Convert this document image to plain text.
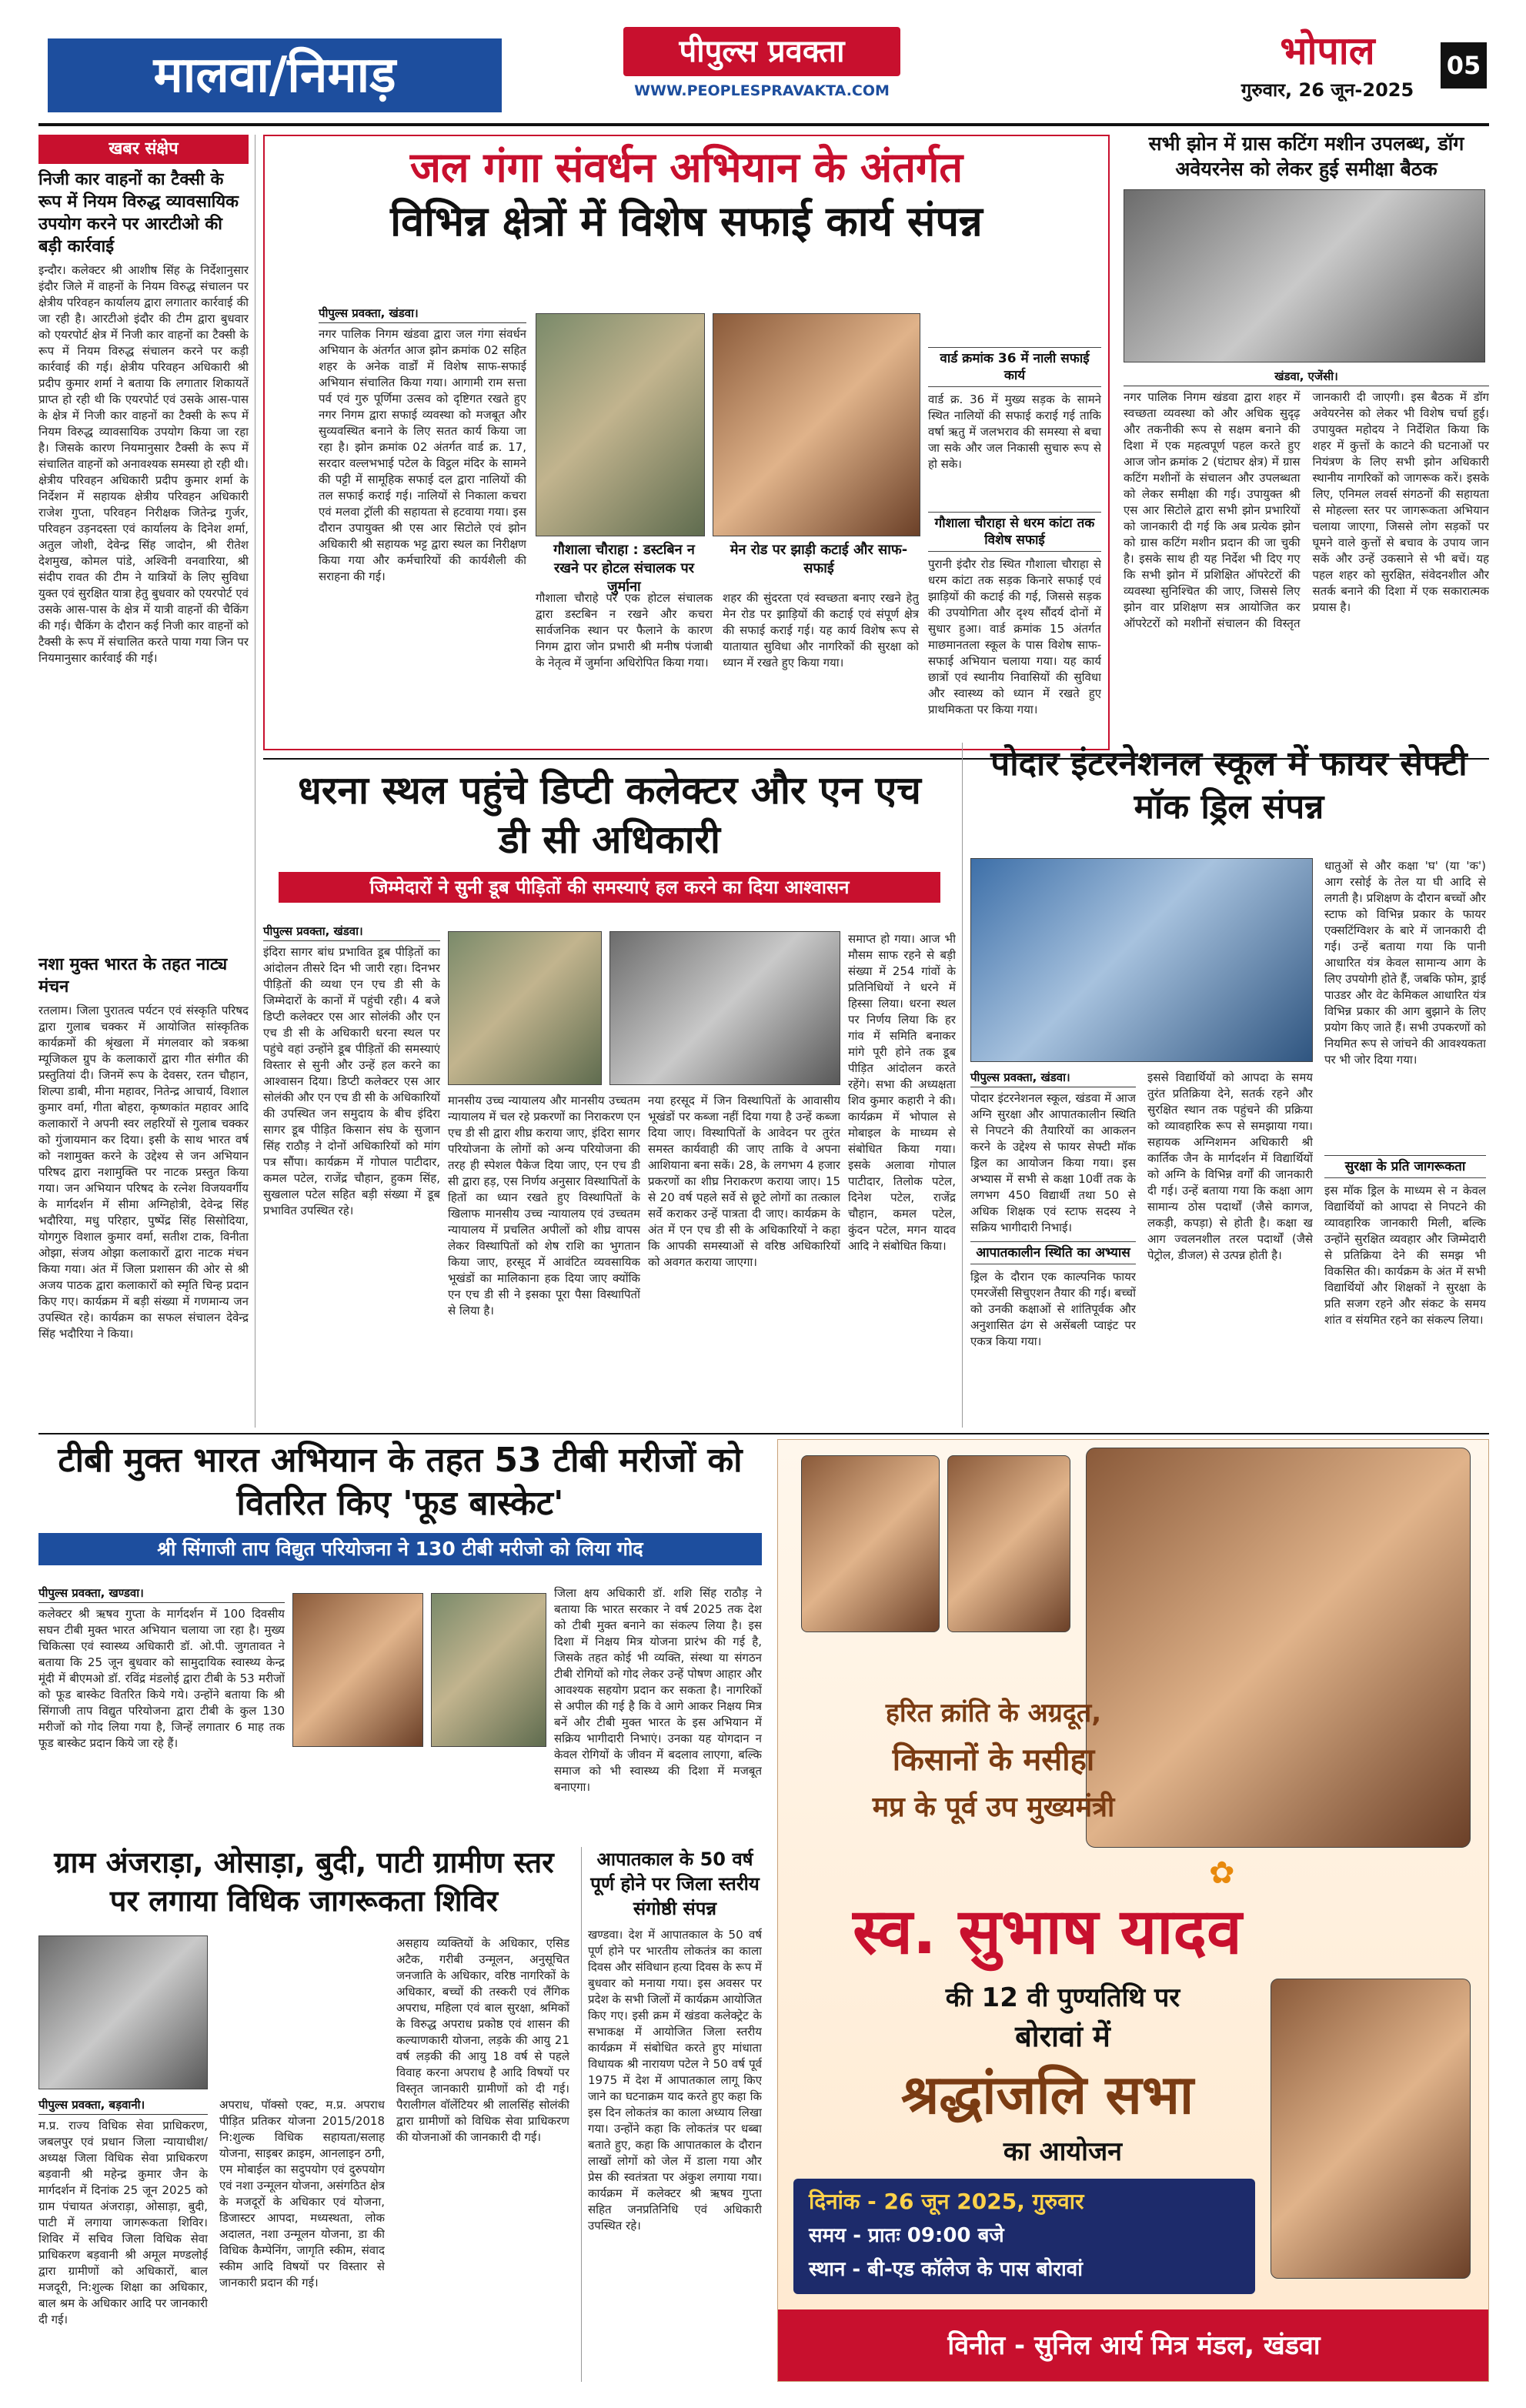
मालवा/निमाड़	पीपुल्स प्रवक्ता
WWW.PEOPLESPRAVAKTA.COM
भोपाल
गुरुवार, 26 जून-2025
05
खबर संक्षेप
निजी कार वाहनों का टैक्सी के रूप में नियम विरुद्ध व्यावसायिक उपयोग करने पर आरटीओ की बड़ी कार्रवाई
इन्दौर। कलेक्टर श्री आशीष सिंह के निर्देशानुसार इंदौर जिले में वाहनों के नियम विरुद्ध संचालन पर क्षेत्रीय परिवहन कार्यालय द्वारा लगातार कार्रवाई की जा रही है। आरटीओ इंदौर की टीम द्वारा बुधवार को एयरपोर्ट क्षेत्र में निजी कार वाहनों का टैक्सी के रूप में नियम विरुद्ध संचालन करने पर कड़ी कार्रवाई की गई। क्षेत्रीय परिवहन अधिकारी श्री प्रदीप कुमार शर्मा ने बताया कि लगातार शिकायतें प्राप्त हो रही थी कि एयरपोर्ट एवं उसके आस-पास के क्षेत्र में निजी कार वाहनों का टैक्सी के रूप में नियम विरुद्ध व्यावसायिक उपयोग किया जा रहा है। जिसके कारण नियमानुसार टैक्सी के रूप में संचालित वाहनों को अनावश्यक समस्या हो रही थी। क्षेत्रीय परिवहन अधिकारी प्रदीप कुमार शर्मा के निर्देशन में सहायक क्षेत्रीय परिवहन अधिकारी राजेश गुप्ता, परिवहन निरीक्षक जितेन्द्र गुर्जर, परिवहन उड़नदस्ता एवं कार्यालय के दिनेश शर्मा, अतुल जोशी, देवेन्द्र सिंह जादोन, श्री रीतेश देशमुख, कोमल पांडे, अश्विनी वनवारिया, श्री संदीप रावत की टीम ने यात्रियों के लिए सुविधा युक्त एवं सुरक्षित यात्रा हेतु बुधवार को एयरपोर्ट एवं उसके आस-पास के क्षेत्र में यात्री वाहनों की चैकिंग की गई। चैकिंग के दौरान कई निजी कार वाहनों को टैक्सी के रूप में संचालित करते पाया गया जिन पर नियमानुसार कार्रवाई की गई।
नशा मुक्त भारत के तहत नाट्य मंचन
रतलाम। जिला पुरातत्व पर्यटन एवं संस्कृति परिषद द्वारा गुलाब चक्कर में आयोजित सांस्कृतिक कार्यक्रमों की श्रृंखला में मंगलवार को त्रकश्रा म्यूजिकल ग्रुप के कलाकारों द्वारा गीत संगीत की प्रस्तुतियां दी। जिनमें रूप के देवसर, रतन चौहान, शिल्पा डाबी, मीना महावर, नितेन्द्र आचार्य, विशाल कुमार वर्मा, गीता बोहरा, कृष्णकांत महावर आदि कलाकारों ने अपनी स्वर लहरियों से गुलाब चक्कर को गुंजायमान कर दिया। इसी के साथ भारत वर्ष को नशामुक्त करने के उद्देश्य से जन अभियान परिषद द्वारा नशामुक्ति पर नाटक प्रस्तुत किया गया। जन अभियान परिषद के रत्नेश विजयवर्गीय के मार्गदर्शन में सीमा अग्निहोत्री, देवेन्द्र सिंह भदौरिया, मधु परिहार, पुष्पेंद्र सिंह सिसोदिया, योगगुरु विशाल कुमार वर्मा, सतीश टाक, विनीता ओझा, संजय ओझा कलाकारों द्वारा नाटक मंचन किया गया। अंत में जिला प्रशासन की ओर से श्री अजय पाठक द्वारा कलाकारों को स्मृति चिन्ह प्रदान किए गए। कार्यक्रम में बड़ी संख्या में गणमान्य जन उपस्थित रहे। कार्यक्रम का सफल संचालन देवेन्द्र सिंह भदौरिया ने किया।
जल गंगा संवर्धन अभियान के अंतर्गत
विभिन्न क्षेत्रों में विशेष सफाई कार्य संपन्न
पीपुल्स प्रवक्ता, खंडवा।
नगर पालिक निगम खंडवा द्वारा जल गंगा संवर्धन अभियान के अंतर्गत आज झोन क्रमांक 02 सहित शहर के अनेक वार्डों में विशेष साफ-सफाई अभियान संचालित किया गया। आगामी राम सत्ता पर्व एवं गुरु पूर्णिमा उत्सव को दृष्टिगत रखते हुए नगर निगम द्वारा सफाई व्यवस्था को मजबूत और सुव्यवस्थित बनाने के लिए सतत कार्य किया जा रहा है। झोन क्रमांक 02 अंतर्गत वार्ड क्र. 17, सरदार वल्लभभाई पटेल के विट्ठल मंदिर के सामने की पट्टी में सामूहिक सफाई दल द्वारा नालियों की तल सफाई कराई गई। नालियों से निकाला कचरा एवं मलवा ट्रॉली की सहायता से हटवाया गया। इस दौरान उपायुक्त श्री एस आर सिटोले एवं झोन अधिकारी श्री सहायक भट्ट द्वारा स्थल का निरीक्षण किया गया और कर्मचारियों की कार्यशैली की सराहना की गई।
गौशाला चौराहा : डस्टबिन न रखने पर होटल संचालक पर जुर्माना
मेन रोड पर झाड़ी कटाई और साफ-सफाई
गौशाला चौराहे पर एक होटल संचालक द्वारा डस्टबिन न रखने और कचरा सार्वजनिक स्थान पर फैलाने के कारण निगम द्वारा जोन प्रभारी श्री मनीष पंजाबी के नेतृत्व में जुर्माना अधिरोपित किया गया।
शहर की सुंदरता एवं स्वच्छता बनाए रखने हेतु मेन रोड पर झाड़ियों की कटाई एवं संपूर्ण क्षेत्र की सफाई कराई गई। यह कार्य विशेष रूप से यातायात सुविधा और नागरिकों की सुरक्षा को ध्यान में रखते हुए किया गया।
वार्ड क्रमांक 36 में नाली सफाई कार्य
वार्ड क्र. 36 में मुख्य सड़क के सामने स्थित नालियों की सफाई कराई गई ताकि वर्षा ऋतु में जलभराव की समस्या से बचा जा सके और जल निकासी सुचारु रूप से हो सके।
गौशाला चौराहा से धरम कांटा तक विशेष सफाई
पुरानी इंदौर रोड स्थित गौशाला चौराहा से धरम कांटा तक सड़क किनारे सफाई एवं झाड़ियों की कटाई की गई, जिससे सड़क की उपयोगिता और दृश्य सौंदर्य दोनों में सुधार हुआ। वार्ड क्रमांक 15 अंतर्गत माछमानतला स्कूल के पास विशेष साफ-सफाई अभियान चलाया गया। यह कार्य छात्रों एवं स्थानीय निवासियों की सुविधा और स्वास्थ्य को ध्यान में रखते हुए प्राथमिकता पर किया गया।
सभी झोन में ग्रास कटिंग मशीन उपलब्ध, डॉग अवेयरनेस को लेकर हुई समीक्षा बैठक
खंडवा, एजेंसी।
नगर पालिक निगम खंडवा द्वारा शहर में स्वच्छता व्यवस्था को और अधिक सुदृढ़ और तकनीकी रूप से सक्षम बनाने की दिशा में एक महत्वपूर्ण पहल करते हुए आज जोन क्रमांक 2 (घंटाघर क्षेत्र) में ग्रास कटिंग मशीनों के संचालन और उपलब्धता को लेकर समीक्षा की गई। उपायुक्त श्री एस आर सिटोले द्वारा सभी झोन प्रभारियों को जानकारी दी गई कि अब प्रत्येक झोन को ग्रास कटिंग मशीन प्रदान की जा चुकी है। इसके साथ ही यह निर्देश भी दिए गए कि सभी झोन में प्रशिक्षित ऑपरेटरों की व्यवस्था सुनिश्चित की जाए, जिससे लिए झोन वार प्रशिक्षण सत्र आयोजित कर ऑपरेटरों को मशीनों संचालन की विस्तृत जानकारी दी जाएगी। इस बैठक में डॉग अवेयरनेस को लेकर भी विशेष चर्चा हुई। उपायुक्त महोदय ने निर्देशित किया कि शहर में कुत्तों के काटने की घटनाओं पर नियंत्रण के लिए सभी झोन अधिकारी स्थानीय नागरिकों को जागरूक करें। इसके लिए, एनिमल लवर्स संगठनों की सहायता से मोहल्ला स्तर पर जागरूकता अभियान चलाया जाएगा, जिससे लोग सड़कों पर घूमने वाले कुत्तों से बचाव के उपाय जान सकें और उन्हें उकसाने से भी बचें। यह पहल शहर को सुरक्षित, संवेदनशील और सतर्क बनाने की दिशा में एक सकारात्मक प्रयास है।
धरना स्थल पहुंचे डिप्टी कलेक्टर और एन एच डी सी अधिकारी
जिम्मेदारों ने सुनी डूब पीड़ितों की समस्याएं हल करने का दिया आश्वासन
पीपुल्स प्रवक्ता, खंडवा।
इंदिरा सागर बांध प्रभावित डूब पीड़ितों का आंदोलन तीसरे दिन भी जारी रहा। दिनभर पीड़ितों की व्यथा एन एच डी सी के जिम्मेदारों के कानों में पहुंची रही। 4 बजे डिप्टी कलेक्टर एस आर सोलंकी और एन एच डी सी के अधिकारी धरना स्थल पर पहुंचे वहां उन्होंने डूब पीड़ितों की समस्याएं विस्तार से सुनी और उन्हें हल करने का आश्वासन दिया। डिप्टी कलेक्टर एस आर सोलंकी और एन एच डी सी के अधिकारियों की उपस्थित जन समुदाय के बीच इंदिरा सागर डूब पीड़ित किसान संघ के सुजान सिंह राठौड़ ने दोनों अधिकारियों को मांग पत्र सौंपा। कार्यक्रम में गोपाल पाटीदार, कमल पटेल, राजेंद्र चौहान, हुकम सिंह, सुखलाल पटेल सहित बड़ी संख्या में डूब प्रभावित उपस्थित रहे।
मानसीय उच्च न्यायालय और मानसीय उच्चतम न्यायालय में चल रहे प्रकरणों का निराकरण एन एच डी सी द्वारा शीघ्र कराया जाए, इंदिरा सागर परियोजना के लोगों को अन्य परियोजना की तरह ही स्पेशल पैकेज दिया जाए, एन एच डी सी द्वारा हड़, एस निर्णय अनुसार विस्थापितों के हितों का ध्यान रखते हुए विस्थापितों के खिलाफ मानसीय उच्च न्यायालय एवं उच्चतम न्यायालय में प्रचलित अपीलों को शीघ्र वापस लेकर विस्थापितों को शेष राशि का भुगतान किया जाए, हरसूद में आवंटित व्यवसायिक भूखंडों का मालिकाना हक दिया जाए क्योंकि एन एच डी सी ने इसका पूरा पैसा विस्थापितों से लिया है।
नया हरसूद में जिन विस्थापितों के आवासीय भूखंडों पर कब्जा नहीं दिया गया है उन्हें कब्जा दिया जाए। विस्थापितों के आवेदन पर तुरंत समस्त कार्यवाही की जाए ताकि वे अपना आशियाना बना सकें। 28, के लगभग 4 हजार प्रकरणों का शीघ्र निराकरण कराया जाए। 15 से 20 वर्ष पहले सर्वे से छूटे लोगों का तत्काल सर्वे कराकर उन्हें पात्रता दी जाए। कार्यक्रम के अंत में एन एच डी सी के अधिकारियों ने कहा कि आपकी समस्याओं से वरिष्ठ अधिकारियों को अवगत कराया जाएगा।
समाप्त हो गया। आज भी मौसम साफ रहने से बड़ी संख्या में 254 गांवों के प्रतिनिधियों ने धरने में हिस्सा लिया। धरना स्थल पर निर्णय लिया कि हर गांव में समिति बनाकर मांगे पूरी होने तक डूब पीड़ित आंदोलन करते रहेंगे। सभा की अध्यक्षता शिव कुमार कहारी ने की। कार्यक्रम में भोपाल से मोबाइल के माध्यम से संबोधित किया गया। इसके अलावा गोपाल पाटीदार, तिलोक पटेल, दिनेश पटेल, राजेंद्र चौहान, कमल पटेल, कुंदन पटेल, मगन यादव आदि ने संबोधित किया।
पोदार इंटरनेशनल स्कूल में फायर सेफ्टी मॉक ड्रिल संपन्न
पीपुल्स प्रवक्ता, खंडवा।
पोदार इंटरनेशनल स्कूल, खंडवा में आज अग्नि सुरक्षा और आपातकालीन स्थिति से निपटने की तैयारियों का आकलन करने के उद्देश्य से फायर सेफ्टी मॉक ड्रिल का आयोजन किया गया। इस अभ्यास में सभी से कक्षा 10वीं तक के लगभग 450 विद्यार्थी तथा 50 से अधिक शिक्षक एवं स्टाफ सदस्य ने सक्रिय भागीदारी निभाई।
आपातकालीन स्थिति का अभ्यास
ड्रिल के दौरान एक काल्पनिक फायर एमरजेंसी सिचुएशन तैयार की गई। बच्चों को उनकी कक्षाओं से शांतिपूर्वक और अनुशासित ढंग से असेंबली प्वाइंट पर एकत्र किया गया।
इससे विद्यार्थियों को आपदा के समय तुरंत प्रतिक्रिया देने, सतर्क रहने और सुरक्षित स्थान तक पहुंचने की प्रक्रिया को व्यावहारिक रूप से समझाया गया। सहायक अग्निशमन अधिकारी श्री कार्तिक जैन के मार्गदर्शन में विद्यार्थियों को अग्नि के विभिन्न वर्गों की जानकारी दी गई। उन्हें बताया गया कि कक्षा आग सामान्य ठोस पदार्थों (जैसे कागज, लकड़ी, कपड़ा) से होती है। कक्षा ख आग ज्वलनशील तरल पदार्थों (जैसे पेट्रोल, डीजल) से उत्पन्न होती है।
धातुओं से और कक्षा 'घ' (या 'क') आग रसोई के तेल या घी आदि से लगती है। प्रशिक्षण के दौरान बच्चों और स्टाफ को विभिन्न प्रकार के फायर एक्सटिंग्विशर के बारे में जानकारी दी गई। उन्हें बताया गया कि पानी आधारित यंत्र केवल सामान्य आग के लिए उपयोगी होते हैं, जबकि फोम, ड्राई पाउडर और वेट केमिकल आधारित यंत्र विभिन्न प्रकार की आग बुझाने के लिए प्रयोग किए जाते हैं। सभी उपकरणों को नियमित रूप से जांचने की आवश्यकता पर भी जोर दिया गया।
सुरक्षा के प्रति जागरूकता
इस मॉक ड्रिल के माध्यम से न केवल विद्यार्थियों को आपदा से निपटने की व्यावहारिक जानकारी मिली, बल्कि उन्होंने सुरक्षित व्यवहार और जिम्मेदारी से प्रतिक्रिया देने की समझ भी विकसित की। कार्यक्रम के अंत में सभी विद्यार्थियों और शिक्षकों ने सुरक्षा के प्रति सजग रहने और संकट के समय शांत व संयमित रहने का संकल्प लिया।
टीबी मुक्त भारत अभियान के तहत 53 टीबी मरीजों को वितरित किए 'फूड बास्केट'
श्री सिंगाजी ताप विद्युत परियोजना ने 130 टीबी मरीजो को लिया गोद
पीपुल्स प्रवक्ता, खण्डवा।
कलेक्टर श्री ऋषव गुप्ता के मार्गदर्शन में 100 दिवसीय सघन टीबी मुक्त भारत अभियान चलाया जा रहा है। मुख्य चिकित्सा एवं स्वास्थ्य अधिकारी डॉ. ओ.पी. जुगतावत ने बताया कि 25 जून बुधवार को सामुदायिक स्वास्थ्य केन्द्र मूंदी में बीएमओ डॉ. रविंद्र मंडलोई द्वारा टीबी के 53 मरीजों को फूड बास्केट वितरित किये गये। उन्होंने बताया कि श्री सिंगाजी ताप विद्युत परियोजना द्वारा टीबी के कुल 130 मरीजों को गोद लिया गया है, जिन्हें लगातार 6 माह तक फूड बास्केट प्रदान किये जा रहे हैं।
जिला क्षय अधिकारी डॉ. शशि सिंह राठौड़ ने बताया कि भारत सरकार ने वर्ष 2025 तक देश को टीबी मुक्त बनाने का संकल्प लिया है। इस दिशा में निक्षय मित्र योजना प्रारंभ की गई है, जिसके तहत कोई भी व्यक्ति, संस्था या संगठन टीबी रोगियों को गोद लेकर उन्हें पोषण आहार और आवश्यक सहयोग प्रदान कर सकता है। नागरिकों से अपील की गई है कि वे आगे आकर निक्षय मित्र बनें और टीबी मुक्त भारत के इस अभियान में सक्रिय भागीदारी निभाएं। उनका यह योगदान न केवल रोगियों के जीवन में बदलाव लाएगा, बल्कि समाज को भी स्वास्थ्य की दिशा में मजबूत बनाएगा।
ग्राम अंजराड़ा, ओसाड़ा, बुदी, पाटी ग्रामीण स्तर पर लगाया विधिक जागरूकता शिविर
पीपुल्स प्रवक्ता, बड़वानी।
म.प्र. राज्य विधिक सेवा प्राधिकरण, जबलपुर एवं प्रधान जिला न्यायाधीश/अध्यक्ष जिला विधिक सेवा प्राधिकरण बड़वानी श्री महेन्द्र कुमार जैन के मार्गदर्शन में दिनांक 25 जून 2025 को ग्राम पंचायत अंजराड़ा, ओसाड़ा, बुदी, पाटी में लगाया जागरूकता शिविर। शिविर में सचिव जिला विधिक सेवा प्राधिकरण बड़वानी श्री अमूल मण्डलोई द्वारा ग्रामीणों को अधिकारों, बाल मजदूरी, नि:शुल्क शिक्षा का अधिकार, बाल श्रम के अधिकार आदि पर जानकारी दी गई।
अपराध, पॉक्सो एक्ट, म.प्र. अपराध पीड़ित प्रतिकर योजना 2015/2018 नि:शुल्क विधिक सहायता/सलाह योजना, साइबर क्राइम, आनलाइन ठगी, एम मोबाईल का सदुपयोग एवं दुरुपयोग एवं नशा उन्मूलन योजना, असंगठित क्षेत्र के मजदूरों के अधिकार एवं योजना, डिजास्टर आपदा, मध्यस्थता, लोक अदालत, नशा उन्मूलन योजना, डा की विधिक कैम्पेनिंग, जागृति स्कीम, संवाद स्कीम आदि विषयों पर विस्तार से जानकारी प्रदान की गई।
असहाय व्यक्तियों के अधिकार, एसिड अटैक, गरीबी उन्मूलन, अनुसूचित जनजाति के अधिकार, वरिष्ठ नागरिकों के अधिकार, बच्चों की तस्करी एवं लैंगिक अपराध, महिला एवं बाल सुरक्षा, श्रमिकों के विरुद्ध अपराध प्रकोष्ठ एवं शासन की कल्याणकारी योजना, लड़के की आयु 21 वर्ष लड़की की आयु 18 वर्ष से पहले विवाह करना अपराध है आदि विषयों पर विस्तृत जानकारी ग्रामीणों को दी गई। पैरालीगल वॉलेंटियर श्री लालसिंह सोलंकी द्वारा ग्रामीणों को विधिक सेवा प्राधिकरण की योजनाओं की जानकारी दी गई।
आपातकाल के 50 वर्ष पूर्ण होने पर जिला स्तरीय संगोष्ठी संपन्न
खण्डवा। देश में आपातकाल के 50 वर्ष पूर्ण होने पर भारतीय लोकतंत्र का काला दिवस और संविधान हत्या दिवस के रूप में बुधवार को मनाया गया। इस अवसर पर प्रदेश के सभी जिलों में कार्यक्रम आयोजित किए गए। इसी क्रम में खंडवा कलेक्ट्रेट के सभाकक्ष में आयोजित जिला स्तरीय कार्यक्रम में संबोधित करते हुए मांधाता विधायक श्री नारायण पटेल ने 50 वर्ष पूर्व 1975 में देश में आपातकाल लागू किए जाने का घटनाक्रम याद करते हुए कहा कि इस दिन लोकतंत्र का काला अध्याय लिखा गया। उन्होंने कहा कि लोकतंत्र पर धब्बा बताते हुए, कहा कि आपातकाल के दौरान लाखों लोगों को जेल में डाला गया और प्रेस की स्वतंत्रता पर अंकुश लगाया गया। कार्यक्रम में कलेक्टर श्री ऋषव गुप्ता सहित जनप्रतिनिधि एवं अधिकारी उपस्थित रहे।
हरित क्रांति के अग्रदूत,
किसानों के मसीहा
मप्र के पूर्व उप मुख्यमंत्री
✿
स्व. सुभाष यादव
की 12 वी पुण्यतिथि पर
बोरावां में
श्रद्धांजलि सभा
का आयोजन
दिनांक - 26 जून 2025, गुरुवार
समय - प्रातः 09:00 बजे
स्थान - बी-एड कॉलेज के पास बोरावां
विनीत - सुनिल आर्य मित्र मंडल, खंडवा
